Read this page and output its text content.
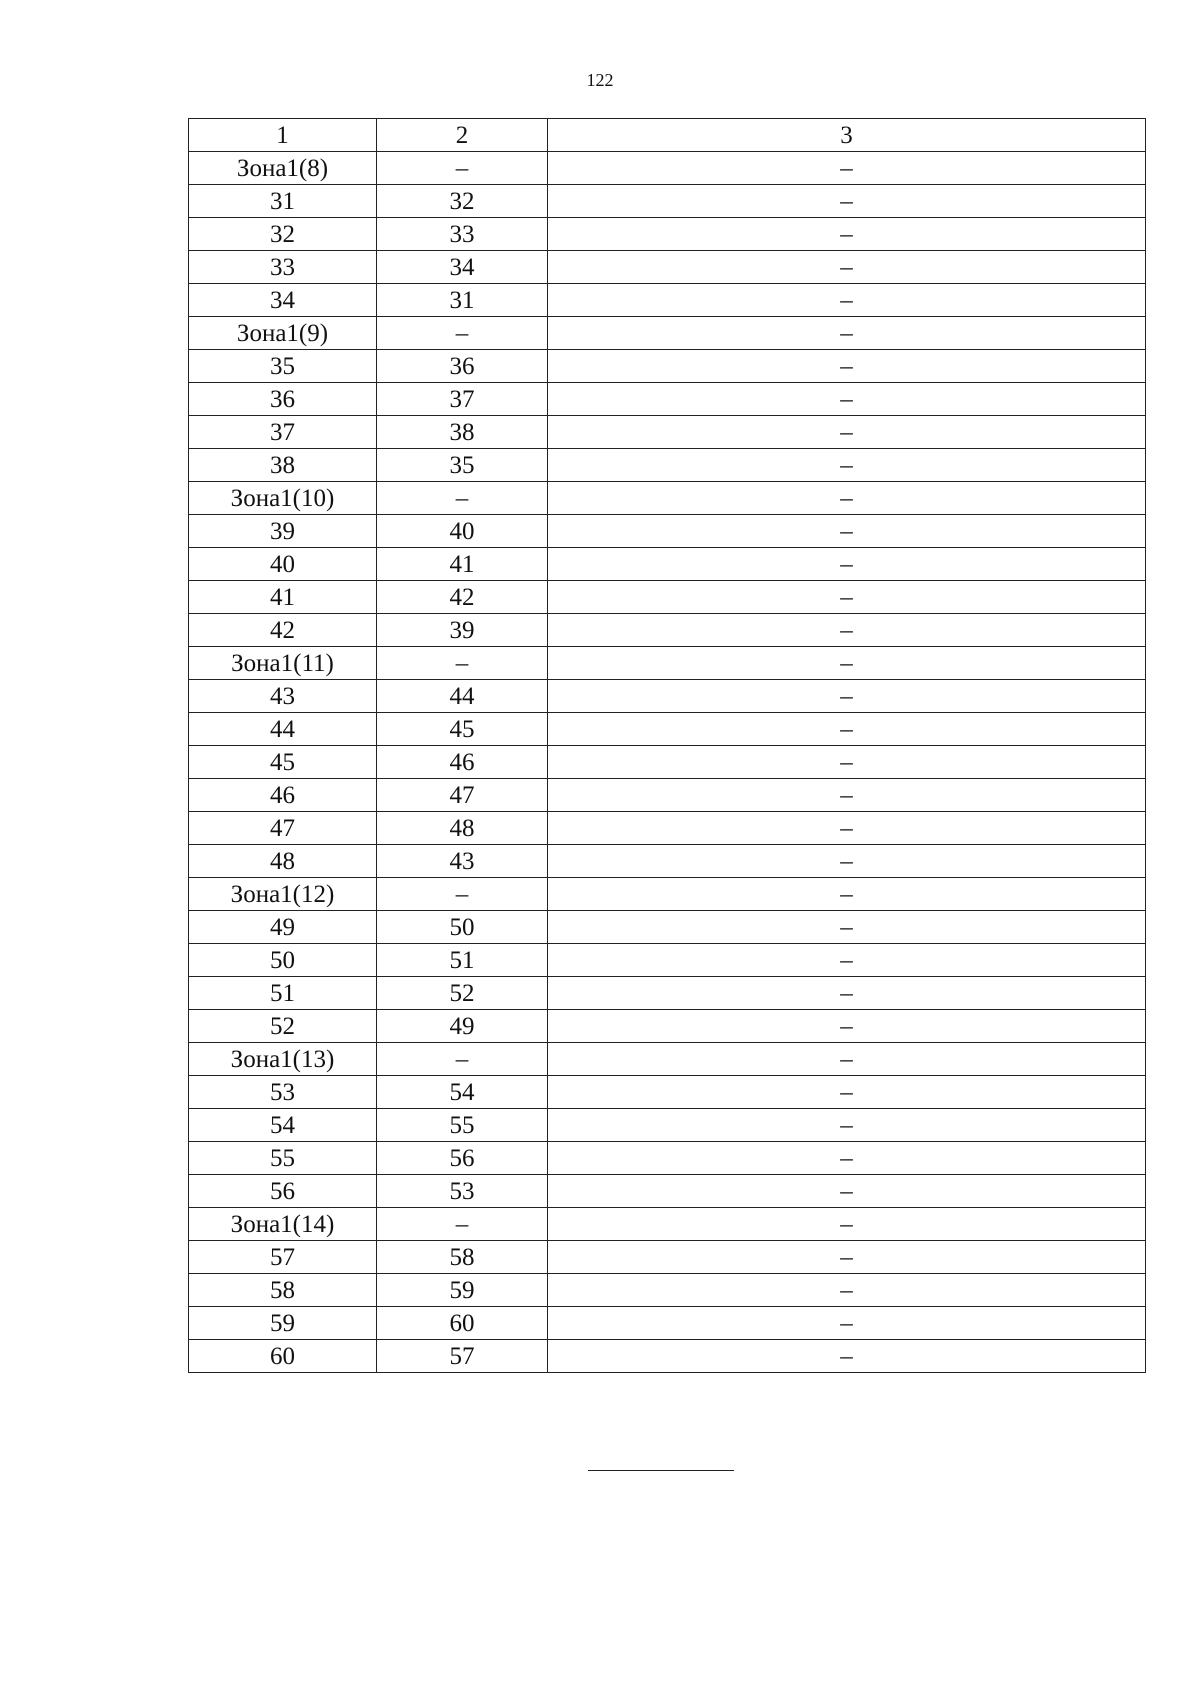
122
1	2	3
Зона1(8)	–	–
31	32	–
32	33	–
33	34	–
34	31	–
Зона1(9)	–	–
35	36	–
36	37	–
37	38	–
38	35	–
Зона1(10)	–	–
39	40	–
40	41	–
41	42	–
42	39	–
Зона1(11)	–	–
43	44	–
44	45	–
45	46	–
46	47	–
47	48	–
48	43	–
Зона1(12)	–	–
49	50	–
50	51	–
51	52	–
52	49	–
Зона1(13)	–	–
53	54	–
54	55	–
55	56	–
56	53	–
Зона1(14)	–	–
57	58	–
58	59	–
59	60	–
60	57	–
